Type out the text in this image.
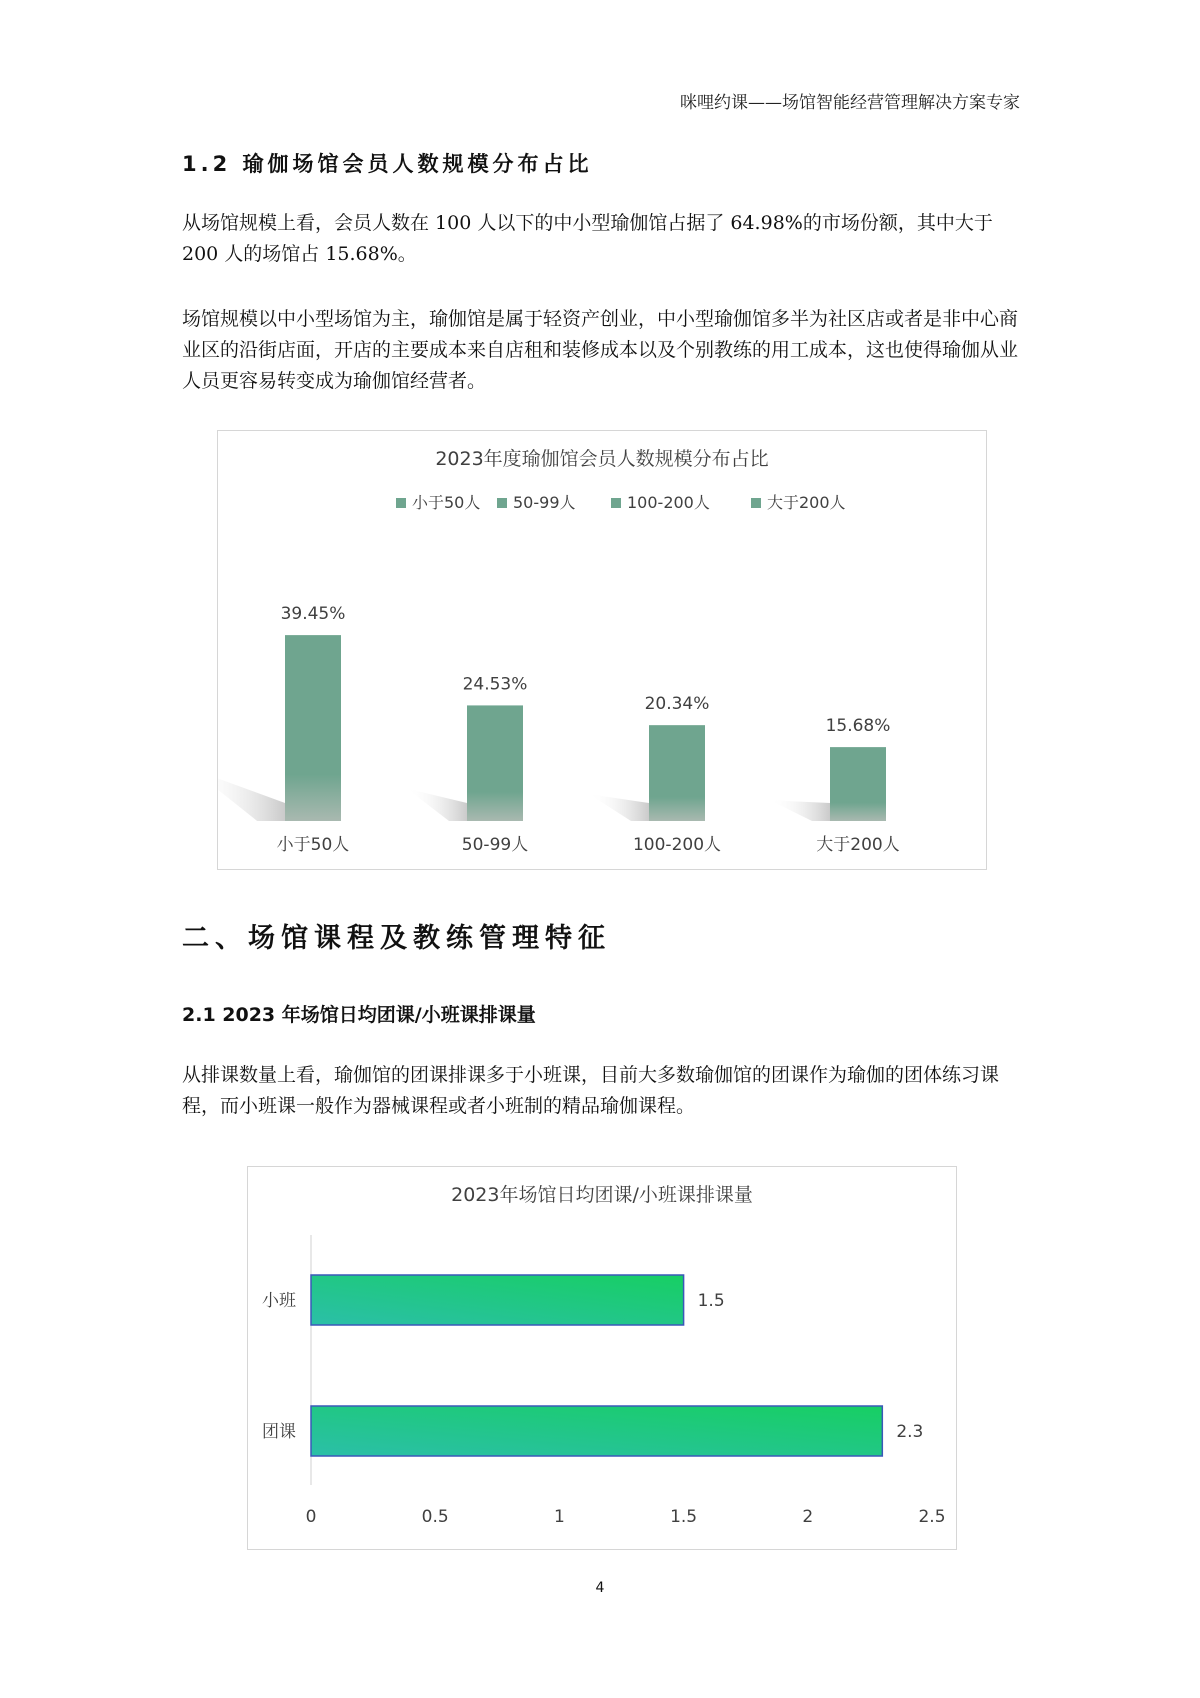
咪哩约课——场馆智能经营管理解决方案专家
1.2 瑜伽场馆会员人数规模分布占比

从场馆规模上看，会员人数在 100 人以下的中小型瑜伽馆占据了 64.98%的市场份额，其中大于 200 人的场馆占 15.68%。

场馆规模以中小型场馆为主，瑜伽馆是属于轻资产创业，中小型瑜伽馆多半为社区店或者是非中心商业区的沿街店面，开店的主要成本来自店租和装修成本以及个别教练的用工成本，这也使得瑜伽从业人员更容易转变成为瑜伽馆经营者。

2023年度瑜伽馆会员人数规模分布占比
小于50人 50-99人	100-200人	大于200人
39.45%
小于50人
24.53%
50-99人
20.34%
100-200人
15.68%
大于200人
二、场馆课程及教练管理特征
2.1 2023 年场馆日均团课/小班课排课量

从排课数量上看，瑜伽馆的团课排课多于小班课，目前大多数瑜伽馆的团课作为瑜伽的团体练习课程，而小班课一般作为器械课程或者小班制的精品瑜伽课程。

2023年场馆日均团课/小班课排课量
1.5
小班
2.3
团课
0	0.5	1	1.5	2	2.5
4
